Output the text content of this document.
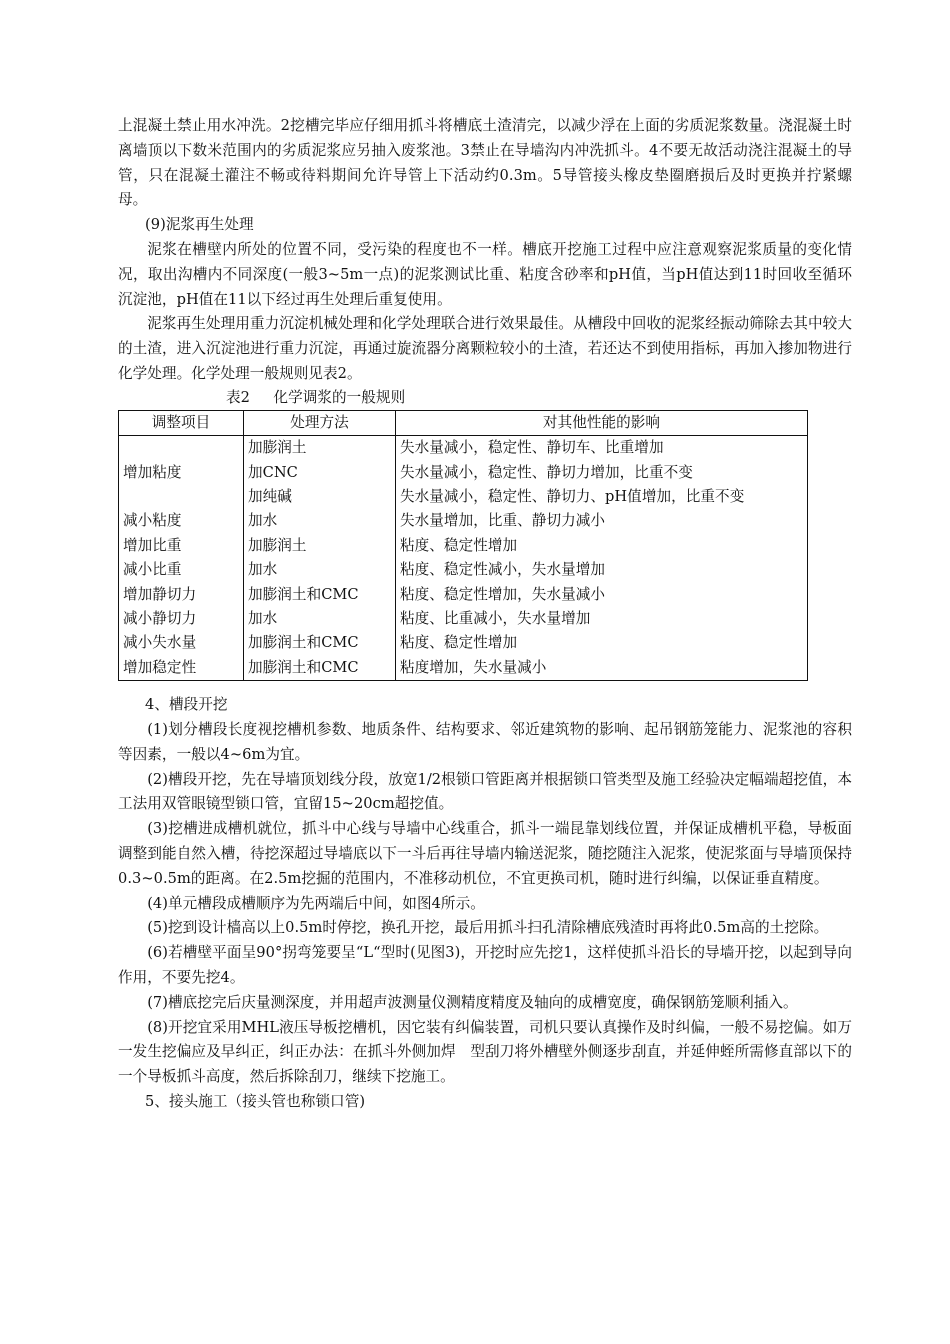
上混凝土禁止用水冲洗。2挖槽完毕应仔细用抓斗将槽底土渣清完，以减少浮在上面的劣质泥浆数量。浇混凝土时离墙顶以下数米范围内的劣质泥浆应另抽入废浆池。3禁止在导墙沟内冲洗抓斗。4不要无故活动浇注混凝土的导管，只在混凝土灌注不畅或待料期间允许导管上下活动约0.3m。5导管接头橡皮垫圈磨损后及时更换并拧紧螺母。

(9)泥浆再生处理

泥浆在槽壁内所处的位置不同，受污染的程度也不一样。槽底开挖施工过程中应注意观察泥浆质量的变化情况，取出沟槽内不同深度(一般3~5m一点)的泥浆测试比重、粘度含砂率和pH值，当pH值达到11时回收至循环沉淀池，pH值在11以下经过再生处理后重复使用。

泥浆再生处理用重力沉淀机械处理和化学处理联合进行效果最佳。从槽段中回收的泥浆经振动筛除去其中较大的土渣，进入沉淀池进行重力沉淀，再通过旋流器分离颗粒较小的土渣，若还达不到使用指标，再加入掺加物进行化学处理。化学处理一般规则见表2。

表2     化学调浆的一般规则
调整项目	处理方法	对其他性能的影响
增加粘度	加膨润土	失水量减小，稳定性、静切车、比重增加
	加CNC	失水量减小，稳定性、静切力增加，比重不变
	加纯碱	失水量减小，稳定性、静切力、pH值增加，比重不变
减小粘度	加水	失水量增加，比重、静切力减小
增加比重	加膨润土	粘度、稳定性增加
减小比重	加水	粘度、稳定性减小，失水量增加
增加静切力	加膨润土和CMC	粘度、稳定性增加，失水量减小
减小静切力	加水	粘度、比重减小，失水量增加
减小失水量	加膨润土和CMC	粘度、稳定性增加
增加稳定性	加膨润土和CMC	粘度增加，失水量减小

4、槽段开挖

(1)划分槽段长度视挖槽机参数、地质条件、结构要求、邻近建筑物的影响、起吊钢筋笼能力、泥浆池的容积等因素，一般以4~6m为宜。

(2)槽段开挖，先在导墙顶划线分段，放宽1/2根锁口管距离并根据锁口管类型及施工经验决定幅端超挖值，本工法用双管眼镜型锁口管，宜留15~20cm超挖值。

(3)挖槽进成槽机就位，抓斗中心线与导墙中心线重合，抓斗一端昆靠划线位置，并保证成槽机平稳，导板面调整到能自然入槽，待挖深超过导墙底以下一斗后再往导墙内输送泥浆，随挖随注入泥浆，使泥浆面与导墙顶保持0.3~0.5m的距离。在2.5m挖掘的范围内，不准移动机位，不宜更换司机，随时进行纠编，以保证垂直精度。

(4)单元槽段成槽顺序为先两端后中间，如图4所示。

(5)挖到设计樯高以上0.5m时停挖，换孔开挖，最后用抓斗扫孔清除槽底残渣时再将此0.5m高的土挖除。

(6)若槽壁平面呈90°拐弯笼要呈“L“型时(见图3)，开挖时应先挖1，这样使抓斗沿长的导墙开挖，以起到导向作用，不要先挖4。

(7)槽底挖完后庆量测深度，并用超声波测量仪测精度精度及轴向的成槽宽度，确保钢筋笼顺利插入。

(8)开挖宜采用MHL液压导板挖槽机，因它装有纠偏装置，司机只要认真操作及时纠偏，一般不易挖偏。如万一发生挖偏应及早纠正，纠正办法：在抓斗外侧加焊　型刮刀将外槽壁外侧逐步刮直，并延伸蛭所需修直部以下的一个导板抓斗高度，然后拆除刮刀，继续下挖施工。

5、接头施工（接头管也称锁口管)
